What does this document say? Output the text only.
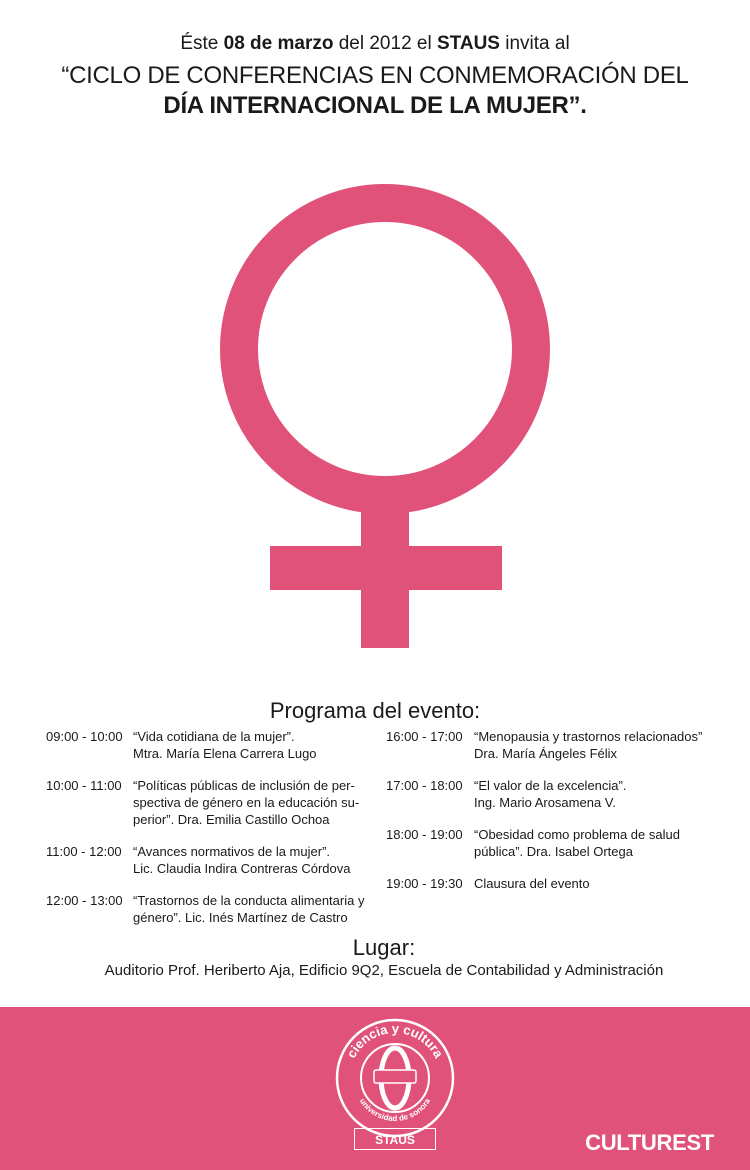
Éste 08 de marzo del 2012 el STAUS invita al
“CICLO DE CONFERENCIAS EN CONMEMORACIÓN DEL
DÍA INTERNACIONAL DE LA MUJER”.
Programa del evento:
09:00 - 10:00 “Vida cotidiana de la mujer”.
Mtra. María Elena Carrera Lugo
10:00 - 11:00 “Políticas públicas de inclusión de per-
spectiva de género en la educación su-
perior”. Dra. Emilia Castillo Ochoa
11:00 - 12:00 “Avances normativos de la mujer”.
Lic. Claudia Indira Contreras Córdova
12:00 - 13:00 “Trastornos de la conducta alimentaria y
género”. Lic. Inés Martínez de Castro
16:00 - 17:00 “Menopausia y trastornos relacionados”
Dra. María Ángeles Félix
17:00 - 18:00 “El valor de la excelencia”.
Ing. Mario Arosamena V.
18:00 - 19:00 “Obesidad como problema de salud
pública”. Dra. Isabel Ortega
19:00 - 19:30 Clausura del evento
Lugar:
Auditorio Prof. Heriberto Aja, Edificio 9Q2, Escuela de Contabilidad y Administración
CULTUREST
ciencia y cultura
universidad de sonora
STAUS
